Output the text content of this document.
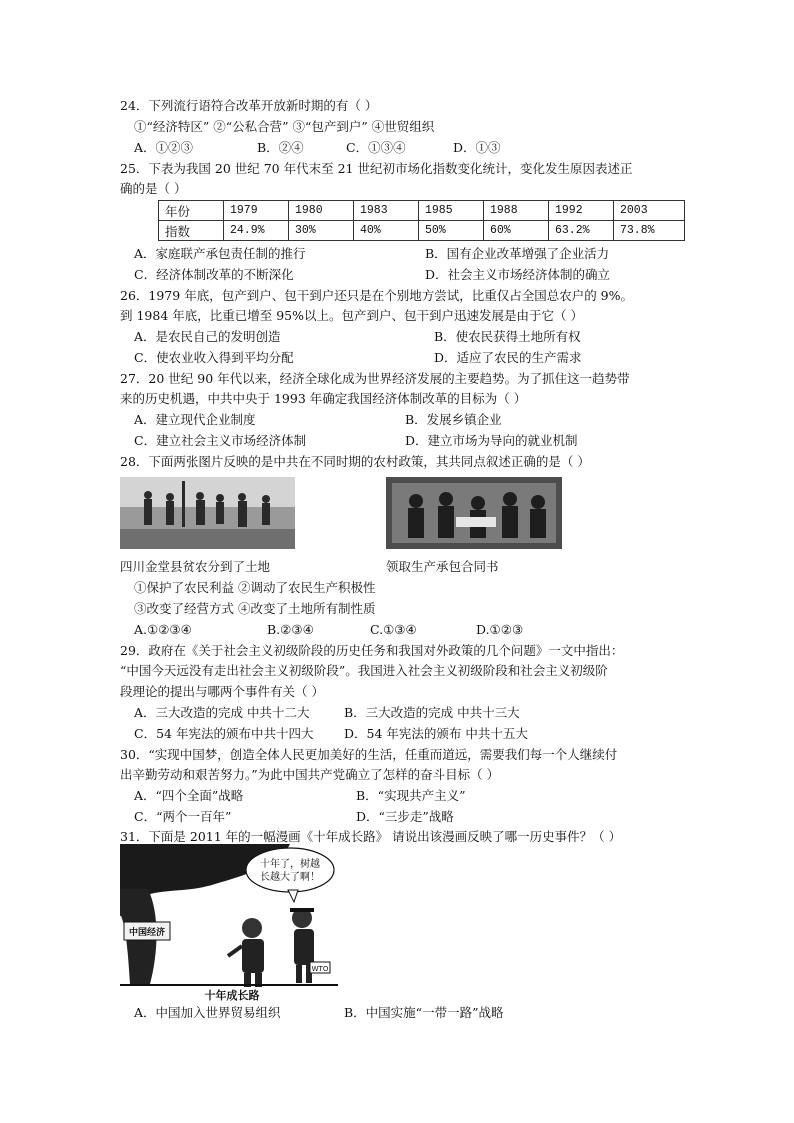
24．下列流行语符合改革开放新时期的有（ ）
①“经济特区” ②“公私合营” ③“包产到户” ④世贸组织
A．①②③	B．②④	C．①③④	D．①③
25．下表为我国 20 世纪 70 年代末至 21 世纪初市场化指数变化统计，变化发生原因表述正
确的是（ ）
年份	1979	1980	1983	1985	1988	1992	2003
指数	24.9%	30%	40%	50%	60%	63.2%	73.8%
A．家庭联产承包责任制的推行	B．国有企业改革增强了企业活力
C．经济体制改革的不断深化	D．社会主义市场经济体制的确立
26．1979 年底，包产到户、包干到户还只是在个别地方尝试，比重仅占全国总农户的 9%。
到 1984 年底，比重已增至 95%以上。包产到户、包干到户迅速发展是由于它（ ）
A．是农民自己的发明创造	B．使农民获得土地所有权
C．使农业收入得到平均分配	D．适应了农民的生产需求
27．20 世纪 90 年代以来，经济全球化成为世界经济发展的主要趋势。为了抓住这一趋势带
来的历史机遇，中共中央于 1993 年确定我国经济体制改革的目标为（ ）
A．建立现代企业制度	B．发展乡镇企业
C．建立社会主义市场经济体制	D．建立市场为导向的就业机制
28．下面两张图片反映的是中共在不同时期的农村政策，其共同点叙述正确的是（ ）
四川金堂县贫农分到了土地	领取生产承包合同书
①保护了农民利益 ②调动了农民生产积极性
③改变了经营方式 ④改变了土地所有制性质
A.①②③④	B.②③④	C.①③④	D.①②③
29．政府在《关于社会主义初级阶段的历史任务和我国对外政策的几个问题》一文中指出：
“中国今天远没有走出社会主义初级阶段”。我国进入社会主义初级阶段和社会主义初级阶
段理论的提出与哪两个事件有关（ ）
A．三大改造的完成 中共十二大	B．三大改造的完成 中共十三大
C．54 年宪法的颁布中共十四大 D．54 年宪法的颁布 中共十五大
30．“实现中国梦，创造全体人民更加美好的生活，任重而道远，需要我们每一个人继续付
出辛勤劳动和艰苦努力。”为此中国共产党确立了怎样的奋斗目标（ ）
A．“四个全面”战略	B．“实现共产主义”
C．“两个一百年”	D．“三步走”战略
31．下面是 2011 年的一幅漫画《十年成长路》 请说出该漫画反映了哪一历史事件？（ ）
中国经济
十年了，树越
长越大了啊！
WTO
十年成长路
A．中国加入世界贸易组织	B．中国实施“一带一路”战略
